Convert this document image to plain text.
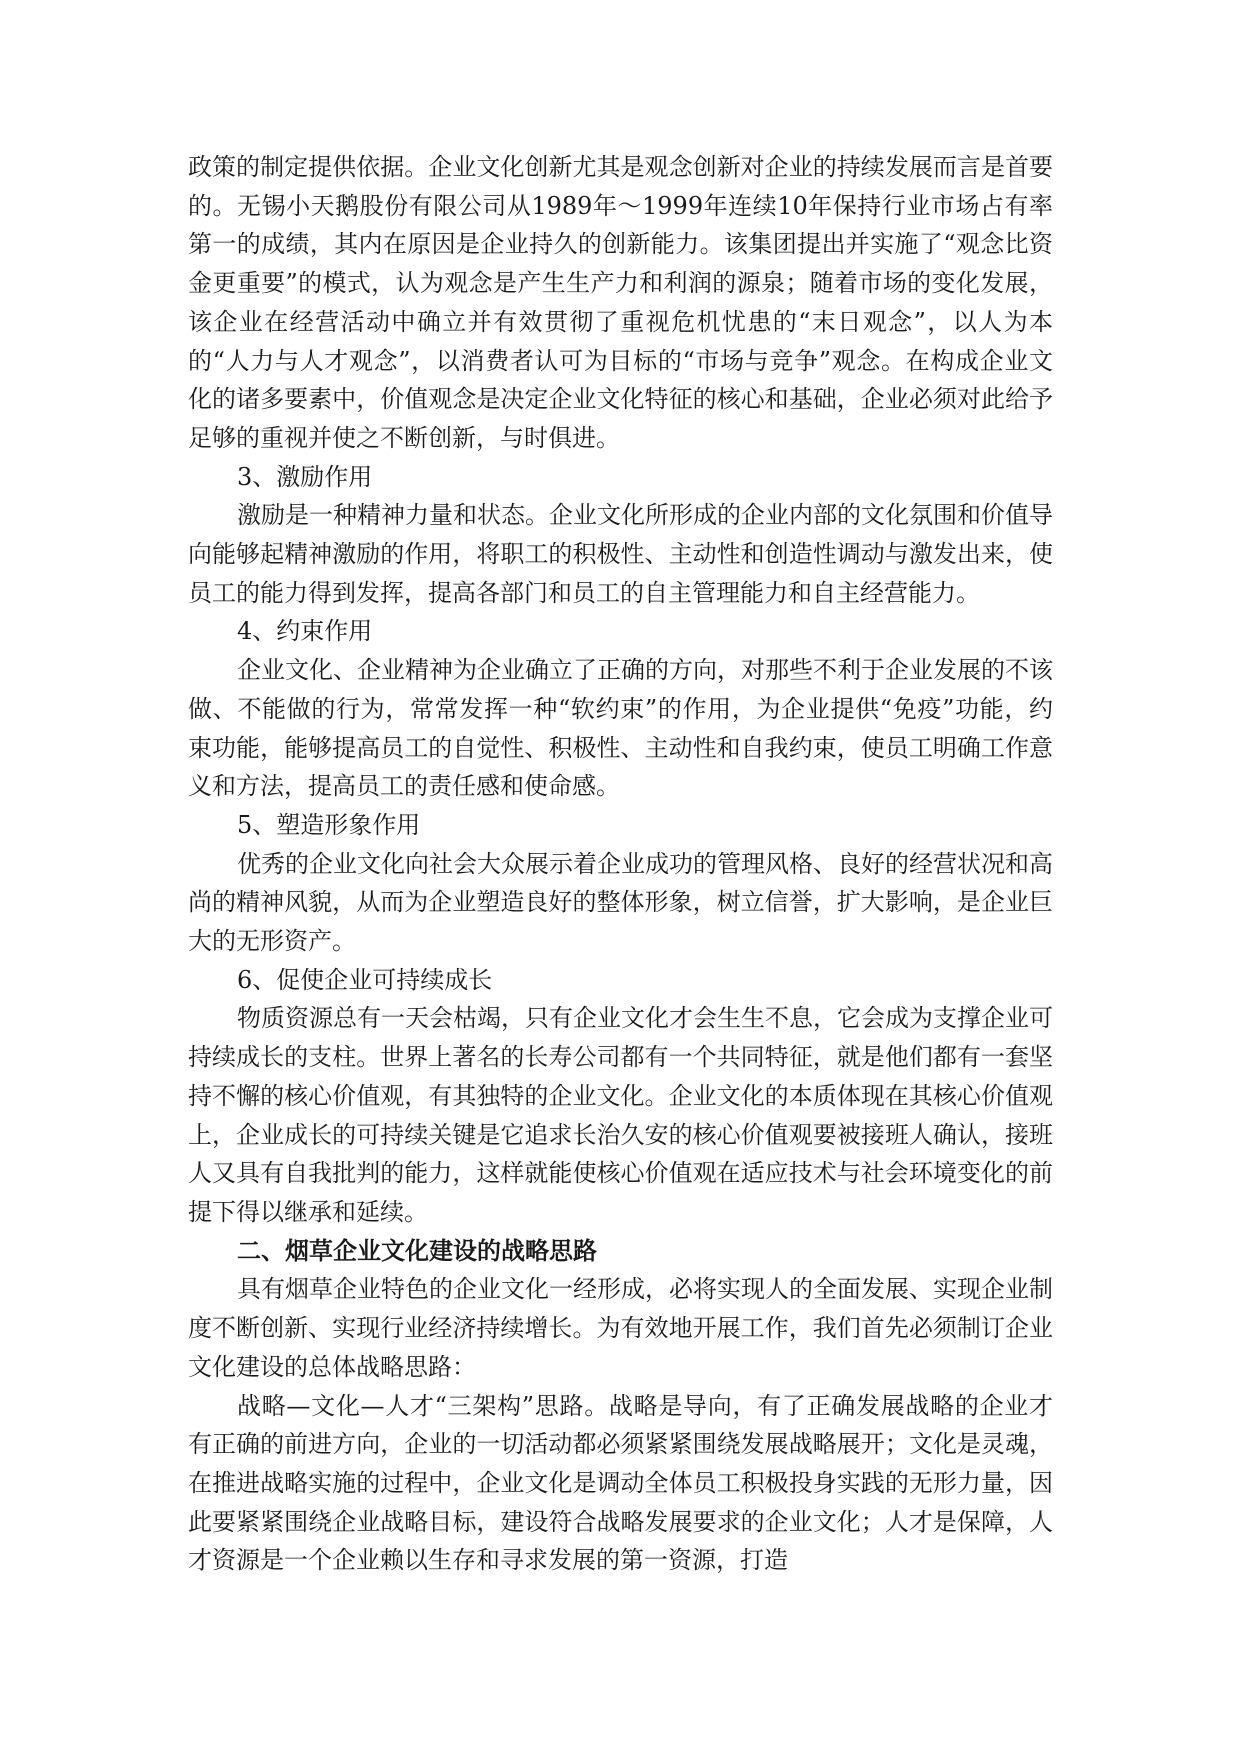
政策的制定提供依据。企业文化创新尤其是观念创新对企业的持续发展而言是首要的。无锡小天鹅股份有限公司从1989年～1999年连续10年保持行业市场占有率第一的成绩，其内在原因是企业持久的创新能力。该集团提出并实施了“观念比资金更重要”的模式，认为观念是产生生产力和利润的源泉；随着市场的变化发展，该企业在经营活动中确立并有效贯彻了重视危机忧患的“末日观念”，以人为本的“人力与人才观念”，以消费者认可为目标的“市场与竞争”观念。在构成企业文化的诸多要素中，价值观念是决定企业文化特征的核心和基础，企业必须对此给予足够的重视并使之不断创新，与时俱进。

3、激励作用

激励是一种精神力量和状态。企业文化所形成的企业内部的文化氛围和价值导向能够起精神激励的作用，将职工的积极性、主动性和创造性调动与激发出来，使员工的能力得到发挥，提高各部门和员工的自主管理能力和自主经营能力。

4、约束作用

企业文化、企业精神为企业确立了正确的方向，对那些不利于企业发展的不该做、不能做的行为，常常发挥一种“软约束”的作用，为企业提供“免疫”功能，约束功能，能够提高员工的自觉性、积极性、主动性和自我约束，使员工明确工作意义和方法，提高员工的责任感和使命感。

5、塑造形象作用

优秀的企业文化向社会大众展示着企业成功的管理风格、良好的经营状况和高尚的精神风貌，从而为企业塑造良好的整体形象，树立信誉，扩大影响，是企业巨大的无形资产。

6、促使企业可持续成长

物质资源总有一天会枯竭，只有企业文化才会生生不息，它会成为支撑企业可持续成长的支柱。世界上著名的长寿公司都有一个共同特征，就是他们都有一套坚持不懈的核心价值观，有其独特的企业文化。企业文化的本质体现在其核心价值观上，企业成长的可持续关键是它追求长治久安的核心价值观要被接班人确认，接班人又具有自我批判的能力，这样就能使核心价值观在适应技术与社会环境变化的前提下得以继承和延续。

二、烟草企业文化建设的战略思路

具有烟草企业特色的企业文化一经形成，必将实现人的全面发展、实现企业制度不断创新、实现行业经济持续增长。为有效地开展工作，我们首先必须制订企业文化建设的总体战略思路：

战略—文化—人才“三架构”思路。战略是导向，有了正确发展战略的企业才有正确的前进方向，企业的一切活动都必须紧紧围绕发展战略展开；文化是灵魂，在推进战略实施的过程中，企业文化是调动全体员工积极投身实践的无形力量，因此要紧紧围绕企业战略目标，建设符合战略发展要求的企业文化；人才是保障，人才资源是一个企业赖以生存和寻求发展的第一资源，打造
